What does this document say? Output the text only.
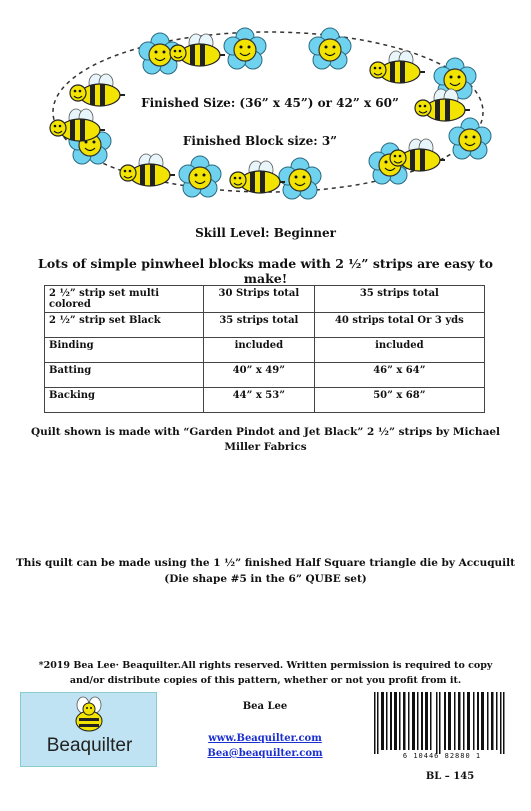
Finished Size: (36” x 45”) or 42” x 60”
Finished Block size: 3”
Skill Level: Beginner
Lots of simple pinwheel blocks made with 2 ½” strips are easy to make!
2 ½” strip set multi colored	30 Strips total	35 strips total
2 ½” strip set Black	35 strips total	40 strips total Or 3 yds
Binding	included	included
Batting	40” x 49”	46” x 64”
Backing	44” x 53”	50” x 68”
Quilt shown is made with “Garden Pindot and Jet Black” 2 ½” strips by Michael Miller Fabrics
This quilt can be made using the 1 ½” finished Half Square triangle die by Accuquilt
(Die shape #5 in the 6” QUBE set)
*2019 Bea Lee· Beaquilter.All rights reserved. Written permission is required to copy and/or distribute copies of this pattern, whether or not you profit from it.
Beaquilter
Bea Lee
www.Beaquilter.com
Bea@beaquilter.com	6 10446 82880 1
BL – 145
